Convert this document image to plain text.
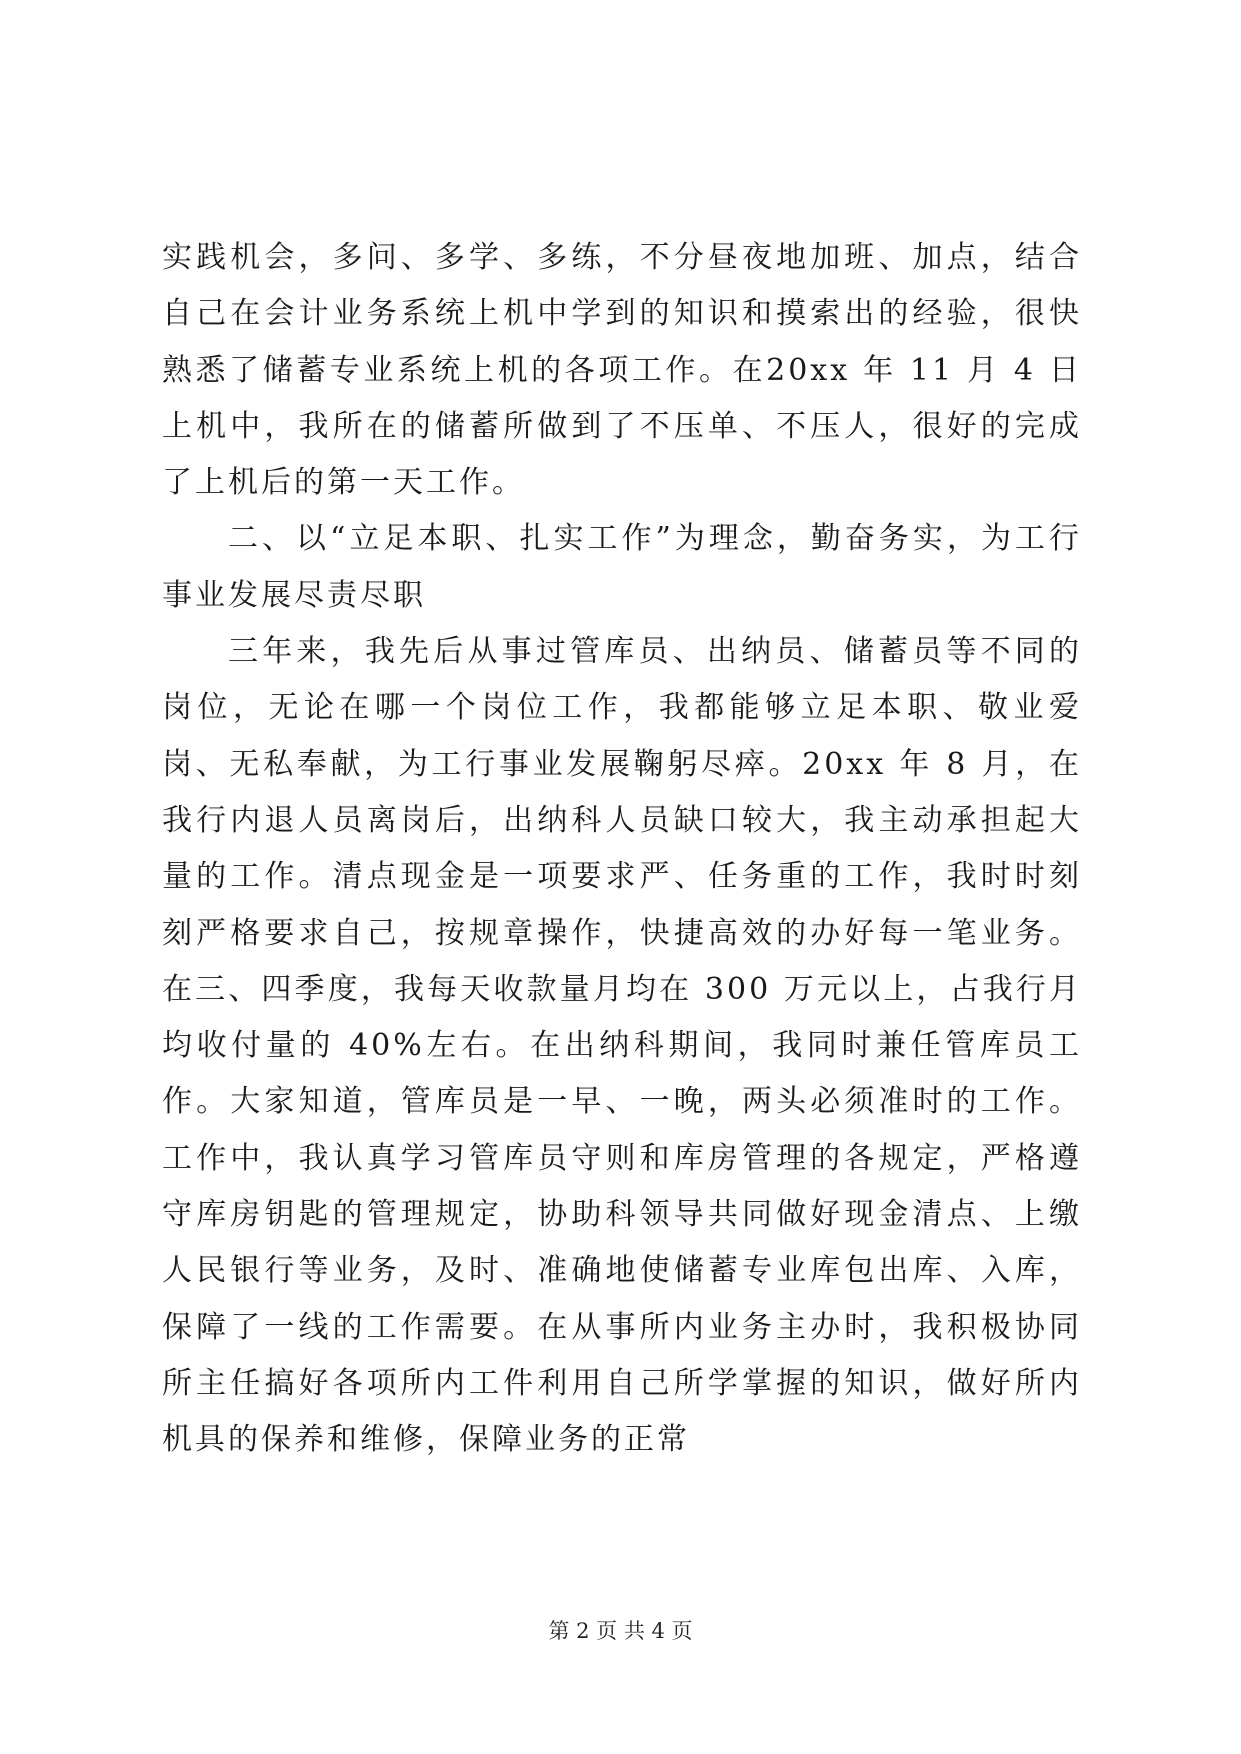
实践机会，多问、多学、多练，不分昼夜地加班、加点，结合自己在会计业务系统上机中学到的知识和摸索出的经验，很快熟悉了储蓄专业系统上机的各项工作。在20xx 年 11 月 4 日上机中，我所在的储蓄所做到了不压单、不压人，很好的完成了上机后的第一天工作。

二、以“立足本职、扎实工作”为理念，勤奋务实，为工行事业发展尽责尽职

三年来，我先后从事过管库员、出纳员、储蓄员等不同的岗位，无论在哪一个岗位工作，我都能够立足本职、敬业爱岗、无私奉献，为工行事业发展鞠躬尽瘁。20xx 年 8 月，在我行内退人员离岗后，出纳科人员缺口较大，我主动承担起大量的工作。清点现金是一项要求严、任务重的工作，我时时刻刻严格要求自己，按规章操作，快捷高效的办好每一笔业务。在三、四季度，我每天收款量月均在 300 万元以上，占我行月均收付量的 40%左右。在出纳科期间，我同时兼任管库员工作。大家知道，管库员是一早、一晚，两头必须准时的工作。工作中，我认真学习管库员守则和库房管理的各规定，严格遵守库房钥匙的管理规定，协助科领导共同做好现金清点、上缴人民银行等业务，及时、准确地使储蓄专业库包出库、入库，保障了一线的工作需要。在从事所内业务主办时，我积极协同所主任搞好各项所内工件利用自己所学掌握的知识，做好所内机具的保养和维修，保障业务的正常

第 2 页 共 4 页
